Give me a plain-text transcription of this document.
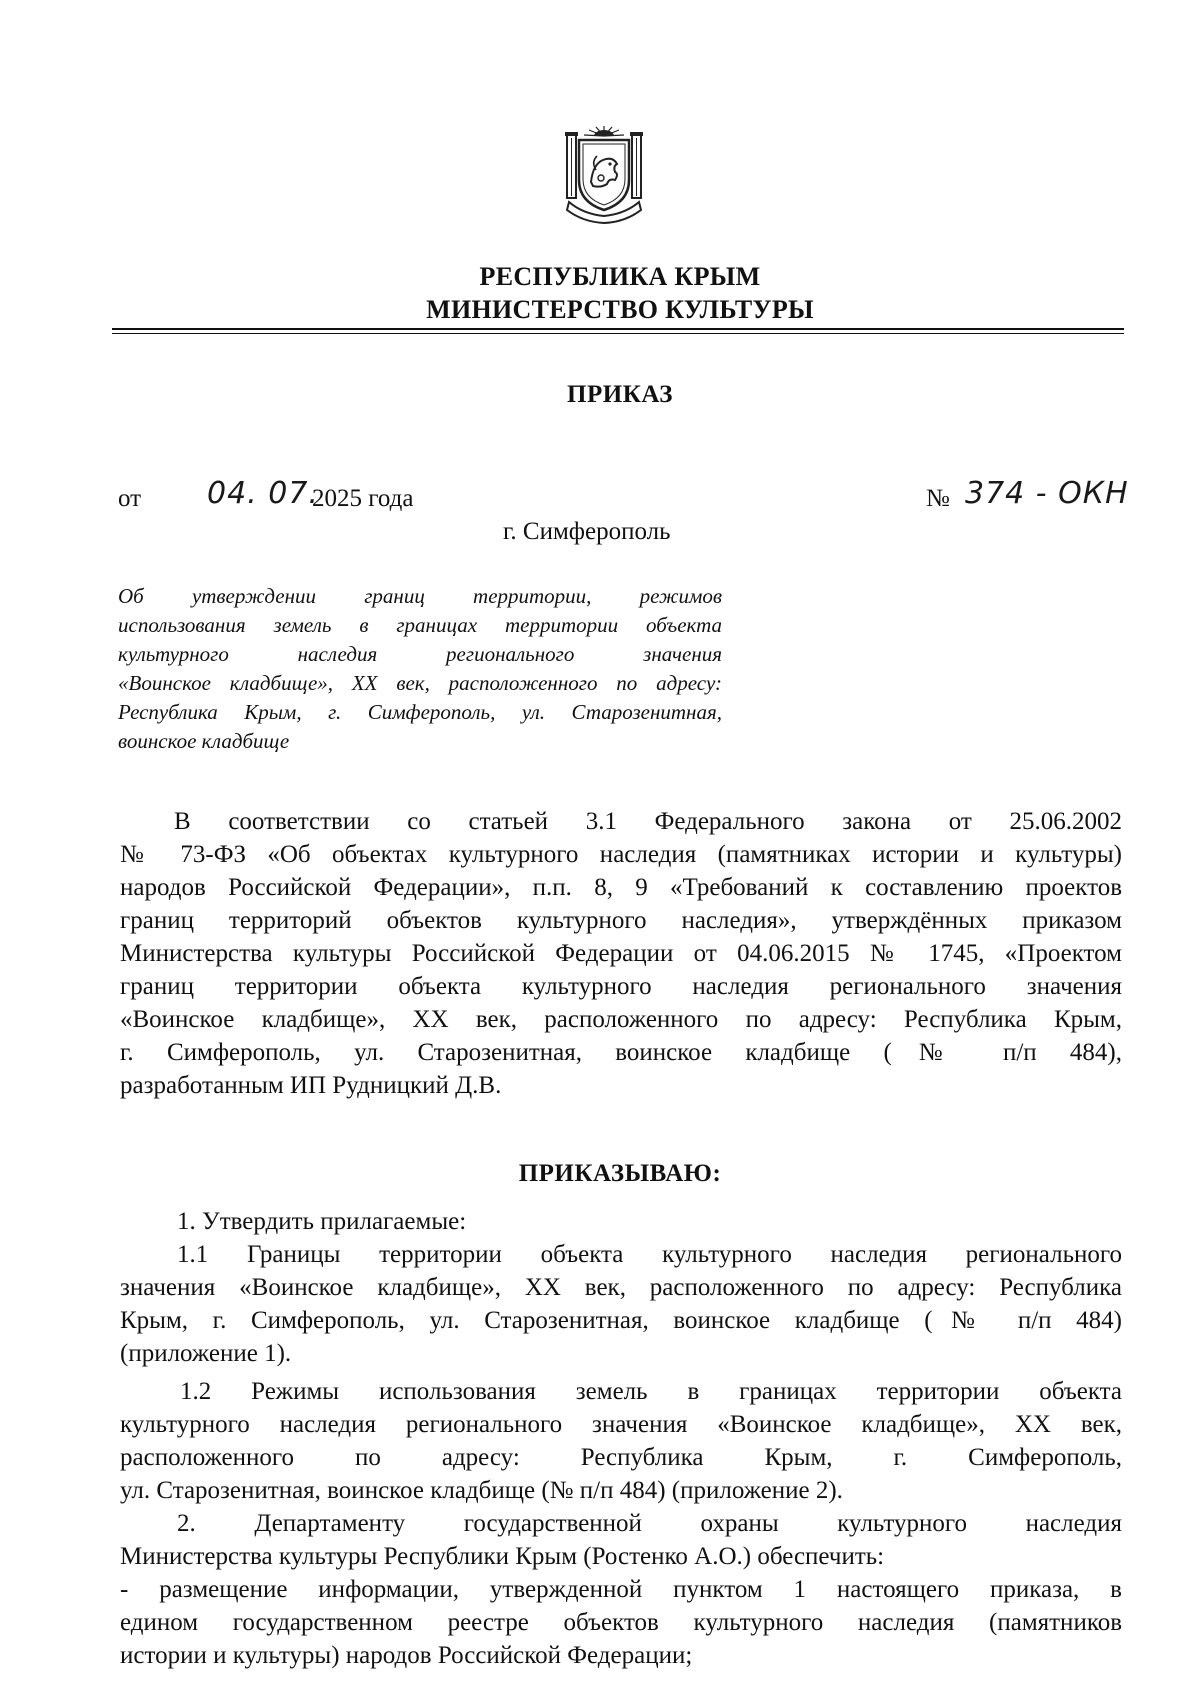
РЕСПУБЛИКА КРЫМ
МИНИСТЕРСТВО КУЛЬТУРЫ
ПРИКАЗ
от 04. 07.
2025 года	№ 374 - ОКН
г. Симферополь
Об утверждении границ территории, режимов
использования земель в границах территории объекта
культурного наследия регионального значения
«Воинское кладбище», XX век, расположенного по адресу:
Республика Крым, г. Симферополь, ул. Старозенитная,
воинское кладбище
В соответствии со статьей 3.1 Федерального закона от 25.06.2002
№ 73-ФЗ «Об объектах культурного наследия (памятниках истории и культуры)
народов Российской Федерации», п.п. 8, 9 «Требований к составлению проектов
границ территорий объектов культурного наследия», утверждённых приказом
Министерства культуры Российской Федерации от 04.06.2015 № 1745, «Проектом
границ территории объекта культурного наследия регионального значения
«Воинское кладбище», XX век, расположенного по адресу: Республика Крым,
г. Симферополь, ул. Старозенитная, воинское кладбище (№ п/п 484),
разработанным ИП Рудницкий Д.В.
ПРИКАЗЫВАЮ:
1. Утвердить прилагаемые:
1.1 Границы территории объекта культурного наследия регионального
значения «Воинское кладбище», XX век, расположенного по адресу: Республика
Крым, г. Симферополь, ул. Старозенитная, воинское кладбище (№ п/п 484)
(приложение 1).
1.2 Режимы использования земель в границах территории объекта
культурного наследия регионального значения «Воинское кладбище», XX век,
расположенного по адресу: Республика Крым, г. Симферополь,
ул. Старозенитная, воинское кладбище (№ п/п 484) (приложение 2).
2. Департаменту государственной охраны культурного наследия
Министерства культуры Республики Крым (Ростенко А.О.) обеспечить:
- размещение информации, утвержденной пунктом 1 настоящего приказа, в
едином государственном реестре объектов культурного наследия (памятников
истории и культуры) народов Российской Федерации;
